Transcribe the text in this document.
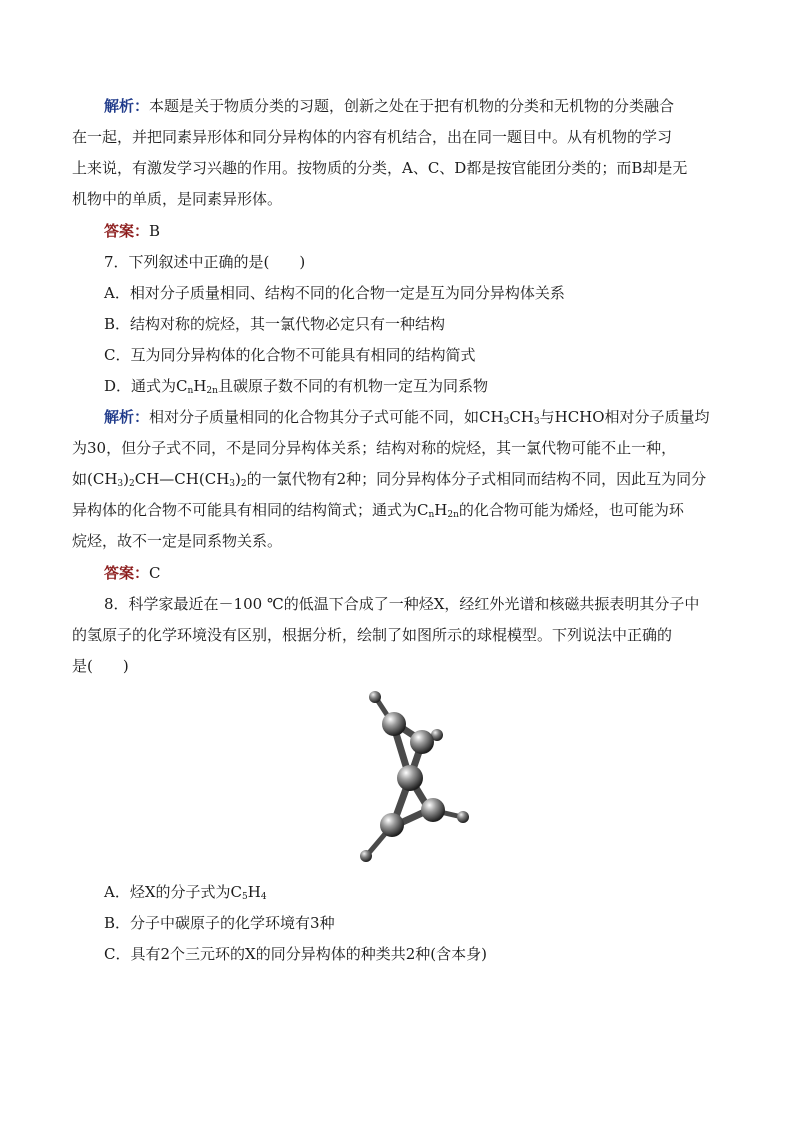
解析：本题是关于物质分类的习题，创新之处在于把有机物的分类和无机物的分类融合
在一起，并把同素异形体和同分异构体的内容有机结合，出在同一题目中。从有机物的学习
上来说，有激发学习兴趣的作用。按物质的分类，A、C、D都是按官能团分类的；而B却是无
机物中的单质，是同素异形体。
答案：B
7．下列叙述中正确的是(　　)
A．相对分子质量相同、结构不同的化合物一定是互为同分异构体关系
B．结构对称的烷烃，其一氯代物必定只有一种结构
C．互为同分异构体的化合物不可能具有相同的结构简式
D．通式为$C_nH_{2n}$且碳原子数不同的有机物一定互为同系物
解析：相对分子质量相同的化合物其分子式可能不同，如$CH_3CH_3$与HCHO相对分子质量均
为30，但分子式不同，不是同分异构体关系；结构对称的烷烃，其一氯代物可能不止一种，
如$(CH_3)_2CH—CH(CH_3)_2$的一氯代物有2种；同分异构体分子式相同而结构不同，因此互为同分
异构体的化合物不可能具有相同的结构简式；通式为$C_nH_{2n}$的化合物可能为烯烃，也可能为环
烷烃，故不一定是同系物关系。
答案：C
8．科学家最近在－100 ℃的低温下合成了一种烃X，经红外光谱和核磁共振表明其分子中
的氢原子的化学环境没有区别，根据分析，绘制了如图所示的球棍模型。下列说法中正确的
是(　　)
A．烃X的分子式为$C_5H_4$
B．分子中碳原子的化学环境有3种
C．具有2个三元环的X的同分异构体的种类共2种(含本身)
